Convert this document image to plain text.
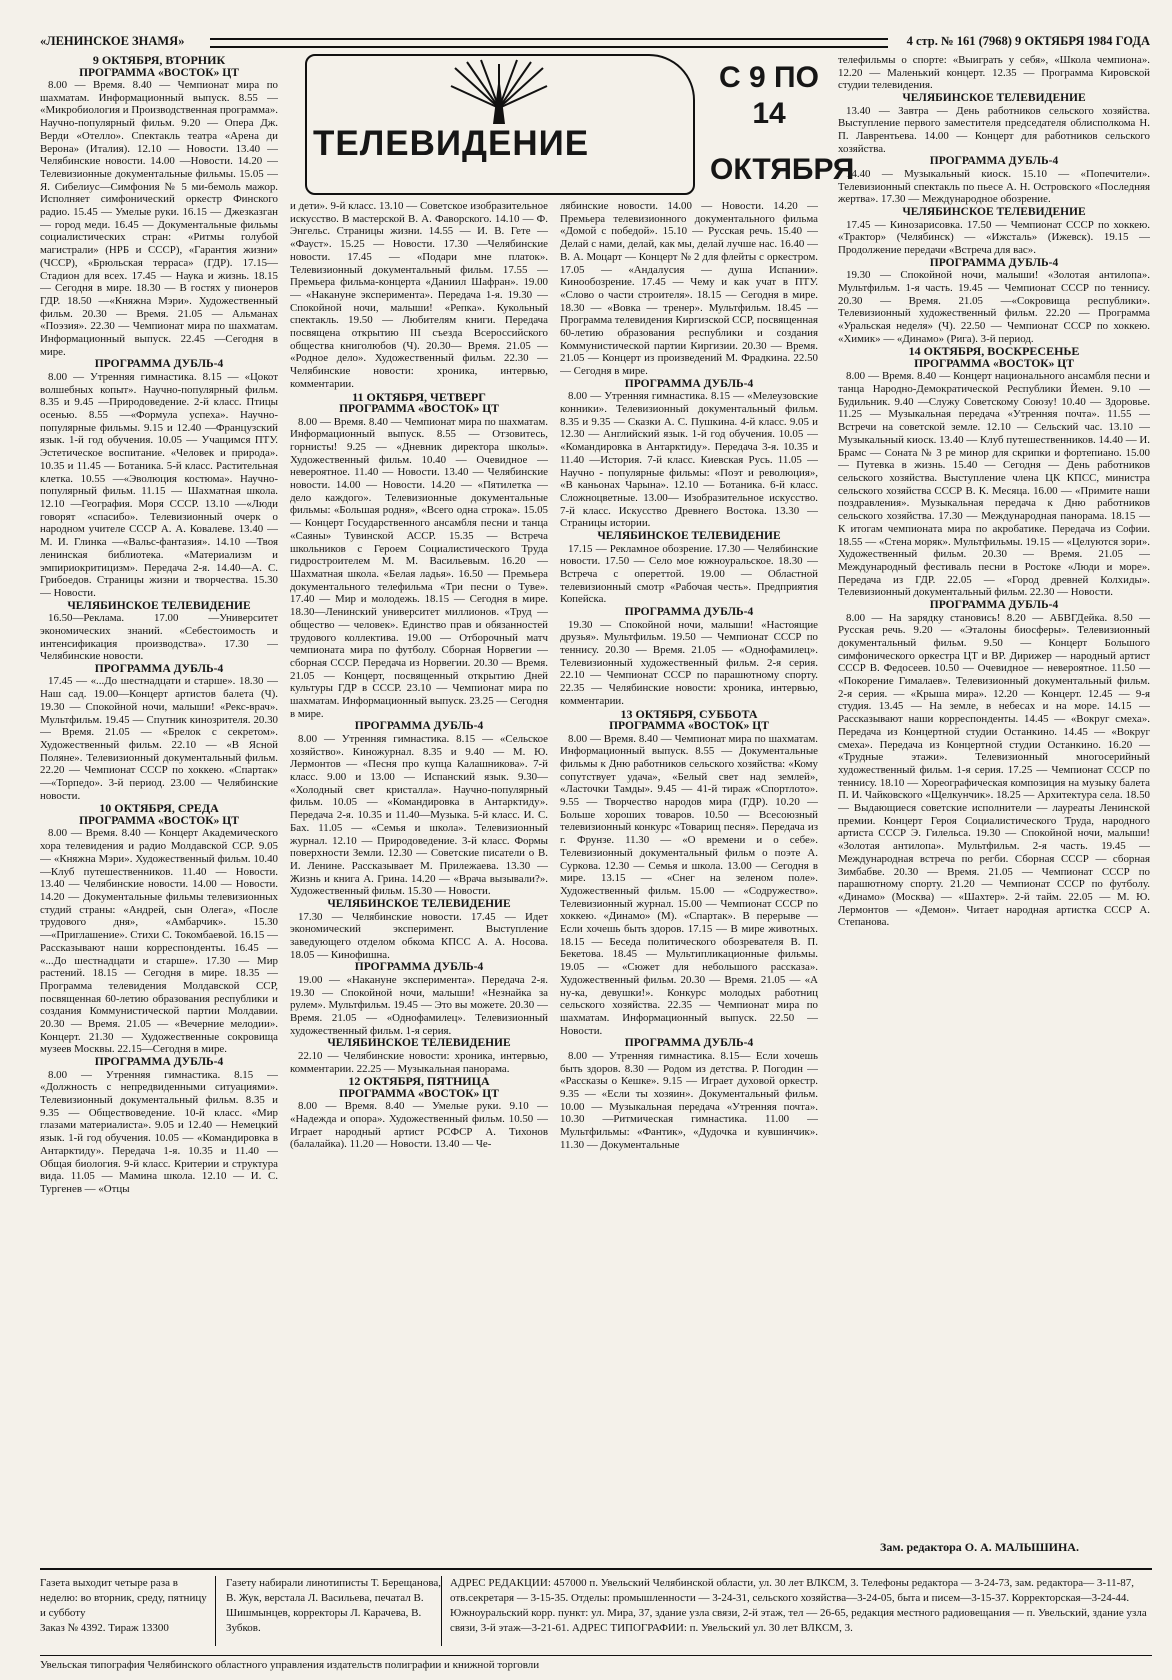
«ЛЕНИНСКОЕ ЗНАМЯ»	4 стр. № 161 (7968) 9 ОКТЯБРЯ 1984 ГОДА

9 ОКТЯБРЯ, ВТОРНИК

ПРОГРАММА «ВОСТОК» ЦТ

8.00 — Время. 8.40 — Чемпионат мира по шахматам. Информационный выпуск. 8.55 — «Микробиология и Производственная программа». Научно-популярный фильм. 9.20 — Опера Дж. Верди «Отелло». Спектакль театра «Арена ди Верона» (Италия). 12.10 — Новости. 13.40 — Челябинские новости. 14.00 —Новости. 14.20 —Телевизионные документальные фильмы. 15.05 —Я. Сибелиус—Симфония № 5 ми-бемоль мажор. Исполняет симфонический оркестр Финского радио. 15.45 — Умелые руки. 16.15 — Джезказган — город меди. 16.45 — Документальные фильмы социалистических стран: «Ритмы голубой магистрали» (НРБ и СССР), «Гарантия жизни» (ЧССР), «Брюльская терраса» (ГДР). 17.15—Стадион для всех. 17.45 — Наука и жизнь. 18.15 — Сегодня в мире. 18.30 — В гостях у пионеров ГДР. 18.50 —«Княжна Мэри». Художественный фильм. 20.30 — Время. 21.05 — Альманах «Поэзия». 22.30 — Чемпионат мира по шахматам. Информационный выпуск. 22.45 —Сегодня в мире.

ПРОГРАММА ДУБЛЬ-4

8.00 — Утренняя гимнастика. 8.15 — «Цокот волшебных копыт». Научно-популярный фильм. 8.35 и 9.45 —Природоведение. 2-й класс. Птицы осенью. 8.55 —«Формула успеха». Научно-популярные фильмы. 9.15 и 12.40 —Французский язык. 1-й год обучения. 10.05 — Учащимся ПТУ. Эстетическое воспитание. «Человек и природа». 10.35 и 11.45 — Ботаника. 5-й класс. Растительная клетка. 10.55 —«Эволюция костюма». Научно-популярный фильм. 11.15 — Шахматная школа. 12.10 —География. Моря СССР. 13.10 —«Люди говорят «спасибо». Телевизионный очерк о народном учителе СССР А. А. Ковалеве. 13.40 — М. И. Глинка —«Вальс-фантазия». 14.10 —Твоя ленинская библиотека. «Материализм и эмпириокритицизм». Передача 2-я. 14.40—А. С. Грибоедов. Страницы жизни и творчества. 15.30 — Новости.

ЧЕЛЯБИНСКОЕ ТЕЛЕВИДЕНИЕ

16.50—Реклама. 17.00 —Университет экономических знаний. «Себестоимость и интенсификация производства». 17.30 —Челябинские новости.

ПРОГРАММА ДУБЛЬ-4

17.45 — «...До шестнадцати и старше». 18.30 — Наш сад. 19.00—Концерт артистов балета (Ч). 19.30 — Спокойной ночи, малыши! «Рекс-врач». Мультфильм. 19.45 — Спутник кинозрителя. 20.30 — Время. 21.05 — «Брелок с секретом». Художественный фильм. 22.10 — «В Ясной Поляне». Телевизионный документальный фильм. 22.20 — Чемпионат СССР по хоккею. «Спартак» —«Торпедо». 3-й период. 23.00 — Челябинские новости.

10 ОКТЯБРЯ, СРЕДА

ПРОГРАММА «ВОСТОК» ЦТ

8.00 — Время. 8.40 — Концерт Академического хора телевидения и радио Молдавской ССР. 9.05 — «Княжна Мэри». Художественный фильм. 10.40—Клуб путешественников. 11.40 — Новости. 13.40 — Челябинские новости. 14.00 — Новости. 14.20 — Документальные фильмы телевизионных студий страны: «Андрей, сын Олега», «После трудового дня», «Амбарчик». 15.30 —«Приглашение». Стихи С. Токомбаевой. 16.15 — Рассказывают наши корреспонденты. 16.45 — «...До шестнадцати и старше». 17.30 — Мир растений. 18.15 — Сегодня в мире. 18.35 — Программа телевидения Молдавской ССР, посвященная 60-летию образования республики и создания Коммунистической партии Молдавии. 20.30 — Время. 21.05 — «Вечерние мелодии». Концерт. 21.30 — Художественные сокровища музеев Москвы. 22.15—Сегодня в мире.

ПРОГРАММА ДУБЛЬ-4

8.00 — Утренняя гимнастика. 8.15 — «Должность с непредвиденными ситуациями». Телевизионный документальный фильм. 8.35 и 9.35 — Обществоведение. 10-й класс. «Мир глазами материалиста». 9.05 и 12.40 — Немецкий язык. 1-й год обучения. 10.05 — «Командировка в Антарктиду». Передача 1-я. 10.35 и 11.40 — Общая биология. 9-й класс. Критерии и структура вида. 11.05 — Мамина школа. 12.10 — И. С. Тургенев — «Отцы

ТЕЛЕВИДЕНИЕ
С 9 ПО 14
ОКТЯБРЯ

и дети». 9-й класс. 13.10 — Советское изобразительное искусство. В мастерской В. А. Фаворского. 14.10 — Ф. Энгельс. Страницы жизни. 14.55 — И. В. Гете — «Фауст». 15.25 — Новости. 17.30 —Челябинские новости. 17.45 — «Подари мне платок». Телевизионный документальный фильм. 17.55 — Премьера фильма-концерта «Даниил Шафран». 19.00 — «Накануне эксперимента». Передача 1-я. 19.30 — Спокойной ночи, малыши! «Репка». Кукольный спектакль. 19.50 — Любителям книги. Передача посвящена открытию III съезда Всероссийского общества книголюбов (Ч). 20.30— Время. 21.05 — «Родное дело». Художественный фильм. 22.30 — Челябинские новости: хроника, интервью, комментарии.

11 ОКТЯБРЯ, ЧЕТВЕРГ

ПРОГРАММА «ВОСТОК» ЦТ

8.00 — Время. 8.40 — Чемпионат мира по шахматам. Информационный выпуск. 8.55 — Отзовитесь, горнисты! 9.25 — «Дневник директора школы». Художественный фильм. 10.40 — Очевидное — невероятное. 11.40 — Новости. 13.40 — Челябинские новости. 14.00 — Новости. 14.20 — «Пятилетка — дело каждого». Телевизионные документальные фильмы: «Большая родня», «Всего одна строка». 15.05 — Концерт Государственного ансамбля песни и танца «Саяны» Тувинской АССР. 15.35 — Встреча школьников с Героем Социалистического Труда гидростроителем М. М. Васильевым. 16.20 — Шахматная школа. «Белая ладья». 16.50 — Премьера документального телефильма «Три песни о Туве». 17.40 — Мир и молодежь. 18.15 — Сегодня в мире. 18.30—Ленинский университет миллионов. «Труд — общество — человек». Единство прав и обязанностей трудового коллектива. 19.00 — Отборочный матч чемпионата мира по футболу. Сборная Норвегии — сборная СССР. Передача из Норвегии. 20.30 — Время. 21.05 — Концерт, посвященный открытию Дней культуры ГДР в СССР. 23.10 — Чемпионат мира по шахматам. Информационный выпуск. 23.25 — Сегодня в мире.

ПРОГРАММА ДУБЛЬ-4

8.00 — Утренняя гимнастика. 8.15 — «Сельское хозяйство». Киножурнал. 8.35 и 9.40 — М. Ю. Лермонтов — «Песня про купца Калашникова». 7-й класс. 9.00 и 13.00 — Испанский язык. 9.30— «Холодный свет кристалла». Научно-популярный фильм. 10.05 — «Командировка в Антарктиду». Передача 2-я. 10.35 и 11.40—Музыка. 5-й класс. И. С. Бах. 11.05 — «Семья и школа». Телевизионный журнал. 12.10 — Природоведение. 3-й класс. Формы поверхности Земли. 12.30 — Советские писатели о В. И. Ленине. Рассказывает М. Прилежаева. 13.30 — Жизнь и книга А. Грина. 14.20 — «Врача вызывали?». Художественный фильм. 15.30 — Новости.

ЧЕЛЯБИНСКОЕ ТЕЛЕВИДЕНИЕ

17.30 — Челябинские новости. 17.45 — Идет экономический эксперимент. Выступление заведующего отделом обкома КПСС А. А. Носова. 18.05 — Кинофишна.

ПРОГРАММА ДУБЛЬ-4

19.00 — «Накануне эксперимента». Передача 2-я. 19.30 — Спокойной ночи, малыши! «Незнайка за рулем». Мультфильм. 19.45 — Это вы можете. 20.30 — Время. 21.05 — «Однофамилец». Телевизионный художественный фильм. 1-я серия.

ЧЕЛЯБИНСКОЕ ТЕЛЕВИДЕНИЕ

22.10 — Челябинские новости: хроника, интервью, комментарии. 22.25 — Музыкальная панорама.

12 ОКТЯБРЯ, ПЯТНИЦА

ПРОГРАММА «ВОСТОК» ЦТ

8.00 — Время. 8.40 — Умелые руки. 9.10 — «Надежда и опора». Художественный фильм. 10.50 — Играет народный артист РСФСР А. Тихонов (балалайка). 11.20 — Новости. 13.40 — Че-

лябинские новости. 14.00 — Новости. 14.20 — Премьера телевизионного документального фильма «Домой с победой». 15.10 — Русская речь. 15.40 — Делай с нами, делай, как мы, делай лучше нас. 16.40 — В. А. Моцарт — Концерт № 2 для флейты с оркестром. 17.05 — «Андалусия — душа Испании». Кинообозрение. 17.45 — Чему и как учат в ПТУ. «Слово о части строителя». 18.15 — Сегодня в мире. 18.30 — «Вовка — тренер». Мультфильм. 18.45 — Программа телевидения Киргизской ССР, посвященная 60-летию образования республики и создания Коммунистической партии Киргизии. 20.30 — Время. 21.05 — Концерт из произведений М. Фрадкина. 22.50 — Сегодня в мире.

ПРОГРАММА ДУБЛЬ-4

8.00 — Утренняя гимнастика. 8.15 — «Мелеузовские конники». Телевизионный документальный фильм. 8.35 и 9.35 — Сказки А. С. Пушкина. 4-й класс. 9.05 и 12.30 — Английский язык. 1-й год обучения. 10.05 — «Командировка в Антарктиду». Передача 3-я. 10.35 и 11.40 —История. 7-й класс. Киевская Русь. 11.05 — Научно - популярные фильмы: «Поэт и революция», «В каньонах Чарына». 12.10 — Ботаника. 6-й класс. Сложноцветные. 13.00— Изобразительное искусство. 7-й класс. Искусство Древнего Востока. 13.30 — Страницы истории.

ЧЕЛЯБИНСКОЕ ТЕЛЕВИДЕНИЕ

17.15 — Рекламное обозрение. 17.30 — Челябинские новости. 17.50 — Село мое южноуральское. 18.30 — Встреча с опереттой. 19.00 — Областной телевизионный смотр «Рабочая честь». Предприятия Копейска.

ПРОГРАММА ДУБЛЬ-4

19.30 — Спокойной ночи, малыши! «Настоящие друзья». Мультфильм. 19.50 — Чемпионат СССР по теннису. 20.30 — Время. 21.05 — «Однофамилец». Телевизионный художественный фильм. 2-я серия. 22.10 — Чемпионат СССР по парашютному спорту. 22.35 — Челябинские новости: хроника, интервью, комментарии.

13 ОКТЯБРЯ, СУББОТА

ПРОГРАММА «ВОСТОК» ЦТ

8.00 — Время. 8.40 — Чемпионат мира по шахматам. Информационный выпуск. 8.55 — Документальные фильмы к Дню работников сельского хозяйства: «Кому сопутствует удача», «Белый свет над землей», «Ласточки Тамды». 9.45 — 41-й тираж «Спортлото». 9.55 — Творчество народов мира (ГДР). 10.20 — Больше хороших товаров. 10.50 — Всесоюзный телевизионный конкурс «Товарищ песня». Передача из г. Фрунзе. 11.30 — «О времени и о себе». Телевизионный документальный фильм о поэте А. Суркова. 12.30 — Семья и школа. 13.00 — Сегодня в мире. 13.15 — «Снег на зеленом поле». Художественный фильм. 15.00 — «Содружество». Телевизионный журнал. 15.00 — Чемпионат СССР по хоккею. «Динамо» (М). «Спартак». В перерыве — Если хочешь быть здоров. 17.15 — В мире животных. 18.15 — Беседа политического обозревателя В. П. Бекетова. 18.45 — Мультипликационные фильмы. 19.05 — «Сюжет для небольшого рассказа». Художественный фильм. 20.30 — Время. 21.05 — «А ну-ка, девушки!». Конкурс молодых работниц сельского хозяйства. 22.35 — Чемпионат мира по шахматам. Информационный выпуск. 22.50 — Новости.

ПРОГРАММА ДУБЛЬ-4

8.00 — Утренняя гимнастика. 8.15— Если хочешь быть здоров. 8.30 — Родом из детства. Р. Погодин — «Рассказы о Кешке». 9.15 — Играет духовой оркестр. 9.35 — «Если ты хозяин». Документальный фильм. 10.00 — Музыкальная передача «Утренняя почта». 10.30 —Ритмическая гимнастика. 11.00 —Мультфильмы: «Фантик», «Дудочка и кувшинчик». 11.30 — Документальные

телефильмы о спорте: «Выиграть у себя», «Школа чемпиона». 12.20 — Маленький концерт. 12.35 — Программа Кировской студии телевидения.

ЧЕЛЯБИНСКОЕ ТЕЛЕВИДЕНИЕ

13.40 — Завтра — День работников сельского хозяйства. Выступление первого заместителя председателя облисполкома Н. П. Лаврентьева. 14.00 — Концерт для работников сельского хозяйства.

ПРОГРАММА ДУБЛЬ-4

14.40 — Музыкальный киоск. 15.10 — «Попечители». Телевизионный спектакль по пьесе А. Н. Островского «Последняя жертва». 17.30 — Международное обозрение.

ЧЕЛЯБИНСКОЕ ТЕЛЕВИДЕНИЕ

17.45 — Кинозарисовка. 17.50 — Чемпионат СССР по хоккею. «Трактор» (Челябинск) — «Ижсталь» (Ижевск). 19.15 — Продолжение передачи «Встреча для вас».

ПРОГРАММА ДУБЛЬ-4

19.30 — Спокойной ночи, малыши! «Золотая антилопа». Мультфильм. 1-я часть. 19.45 — Чемпионат СССР по теннису. 20.30 — Время. 21.05 —«Сокровища республики». Телевизионный художественный фильм. 22.20 — Программа «Уральская неделя» (Ч). 22.50 — Чемпионат СССР по хоккею. «Химик» — «Динамо» (Рига). 3-й период.

14 ОКТЯБРЯ, ВОСКРЕСЕНЬЕ

ПРОГРАММА «ВОСТОК» ЦТ

8.00 — Время. 8.40 — Концерт национального ансамбля песни и танца Народно-Демократической Республики Йемен. 9.10 — Будильник. 9.40 —Служу Советскому Союзу! 10.40 — Здоровье. 11.25 — Музыкальная передача «Утренняя почта». 11.55 — Встречи на советской земле. 12.10 — Сельский час. 13.10 — Музыкальный киоск. 13.40 — Клуб путешественников. 14.40 — И. Брамс — Соната № 3 ре минор для скрипки и фортепиано. 15.00 — Путевка в жизнь. 15.40 — Сегодня — День работников сельского хозяйства. Выступление члена ЦК КПСС, министра сельского хозяйства СССР В. К. Месяца. 16.00 — «Примите наши поздравления». Музыкальная передача к Дню работников сельского хозяйства. 17.30 — Международная панорама. 18.15 — К итогам чемпионата мира по акробатике. Передача из Софии. 18.55 — «Стена моряк». Мультфильмы. 19.15 — «Целуются зори». Художественный фильм. 20.30 — Время. 21.05 — Международный фестиваль песни в Ростоке «Люди и море». Передача из ГДР. 22.05 — «Город древней Колхиды». Телевизионный документальный фильм. 22.30 — Новости.

ПРОГРАММА ДУБЛЬ-4

8.00 — На зарядку становись! 8.20 — АБВГДейка. 8.50 — Русская речь. 9.20 — «Эталоны биосферы». Телевизионный документальный фильм. 9.50 — Концерт Большого симфонического оркестра ЦТ и ВР. Дирижер — народный артист СССР В. Федосеев. 10.50 — Очевидное — невероятное. 11.50 — «Покорение Гималаев». Телевизионный документальный фильм. 2-я серия. — «Крыша мира». 12.20 — Концерт. 12.45 — 9-я студия. 13.45 — На земле, в небесах и на море. 14.15 — Рассказывают наши корреспонденты. 14.45 — «Вокруг смеха». Передача из Концертной студии Останкино. 14.45 — «Вокруг смеха». Передача из Концертной студии Останкино. 16.20 — «Трудные этажи». Телевизионный многосерийный художественный фильм. 1-я серия. 17.25 — Чемпионат СССР по теннису. 18.10 — Хореографическая композиция на музыку балета П. И. Чайковского «Щелкунчик». 18.25 — Архитектура села. 18.50 — Выдающиеся советские исполнители — лауреаты Ленинской премии. Концерт Героя Социалистического Труда, народного артиста СССР Э. Гилельса. 19.30 — Спокойной ночи, малыши! «Золотая антилопа». Мультфильм. 2-я часть. 19.45 — Международная встреча по регби. Сборная СССР — сборная Зимбабве. 20.30 — Время. 21.05 — Чемпионат СССР по парашютному спорту. 21.20 — Чемпионат СССР по футболу. «Динамо» (Москва) — «Шахтер». 2-й тайм. 22.05 — М. Ю. Лермонтов — «Демон». Читает народная артистка СССР А. Степанова.

Зам. редактора О. А. МАЛЫШИНА.
Газета выходит четыре раза в неделю: во вторник, среду, пятницу и субботу
Заказ № 4392. Тираж 13300
Газету набирали линотиписты Т. Берещанова, В. Жук, верстала Л. Васильева, печатал В. Шишмынцев, корректоры Л. Карачева, В. Зубков.
АДРЕС РЕДАКЦИИ: 457000 п. Увельский Челябинской области, ул. 30 лет ВЛКСМ, 3. Телефоны редактора — 3-24-73, зам. редактора— 3-11-87, отв.секретаря — 3-15-35. Отделы: промышленности — 3-24-31, сельского хозяйства—3-24-05, быта и писем—3-15-37. Корректорская—3-24-44. Южноуральский корр. пункт: ул. Мира, 37, здание узла связи, 2-й этаж, тел — 26-65, редакция местного радиовещания — п. Увельский, здание узла связи, 3-й этаж—3-21-61. АДРЕС ТИПОГРАФИИ: п. Увельский ул. 30 лет ВЛКСМ, 3.
Увельская типография Челябинского областного управления издательств полиграфии и книжной торговли
